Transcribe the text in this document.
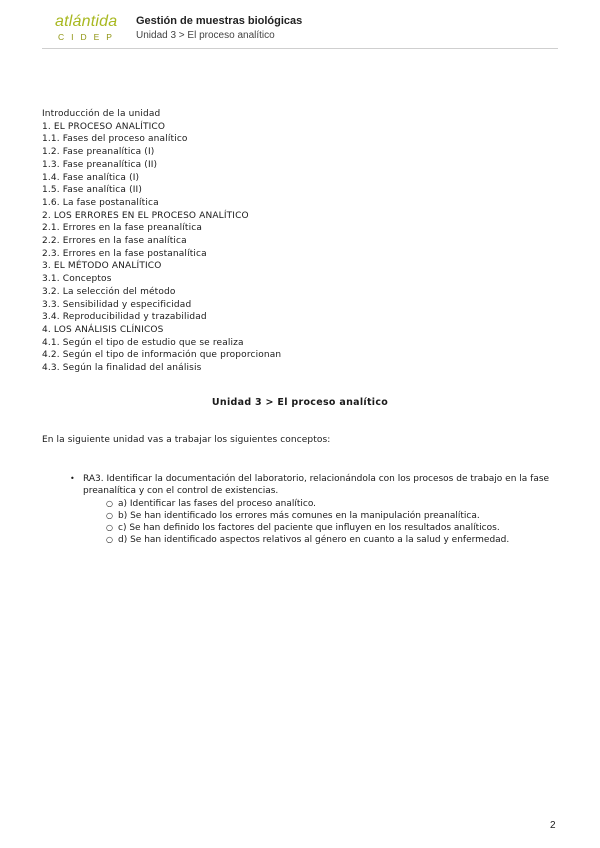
atlántida
CIDEP
Gestión de muestras biológicas
Unidad 3 > El proceso analítico
Introducción de la unidad
1. EL PROCESO ANALÍTICO
1.1. Fases del proceso analítico
1.2. Fase preanalítica (I)
1.3. Fase preanalítica (II)
1.4. Fase analítica (I)
1.5. Fase analítica (II)
1.6. La fase postanalítica
2. LOS ERRORES EN EL PROCESO ANALÍTICO
2.1. Errores en la fase preanalítica
2.2. Errores en la fase analítica
2.3. Errores en la fase postanalítica
3. EL MÉTODO ANALÍTICO
3.1. Conceptos
3.2. La selección del método
3.3. Sensibilidad y especificidad
3.4. Reproducibilidad y trazabilidad
4. LOS ANÁLISIS CLÍNICOS
4.1. Según el tipo de estudio que se realiza
4.2. Según el tipo de información que proporcionan
4.3. Según la finalidad del análisis
Unidad 3 > El proceso analítico
En la siguiente unidad vas a trabajar los siguientes conceptos:
• RA3. Identificar la documentación del laboratorio, relacionándola con los procesos de trabajo en la fase preanalítica y con el control de existencias.
○ a) Identificar las fases del proceso analítico.
○ b) Se han identificado los errores más comunes en la manipulación preanalítica.
○ c) Se han definido los factores del paciente que influyen en los resultados analíticos.
○ d) Se han identificado aspectos relativos al género en cuanto a la salud y enfermedad.
2
